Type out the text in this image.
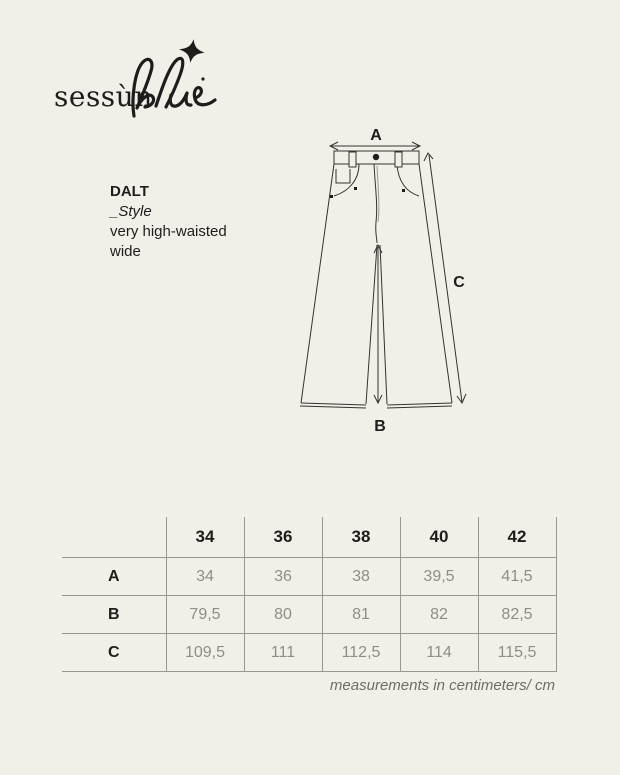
sessùn
DALT
_Style
very high-waisted
wide
A
B
C
	34	36	38	40	42
A	34	36	38	39,5	41,5
B	79,5	80	81	82	82,5
C	109,5	111	112,5	114	115,5
measurements in centimeters/ cm
